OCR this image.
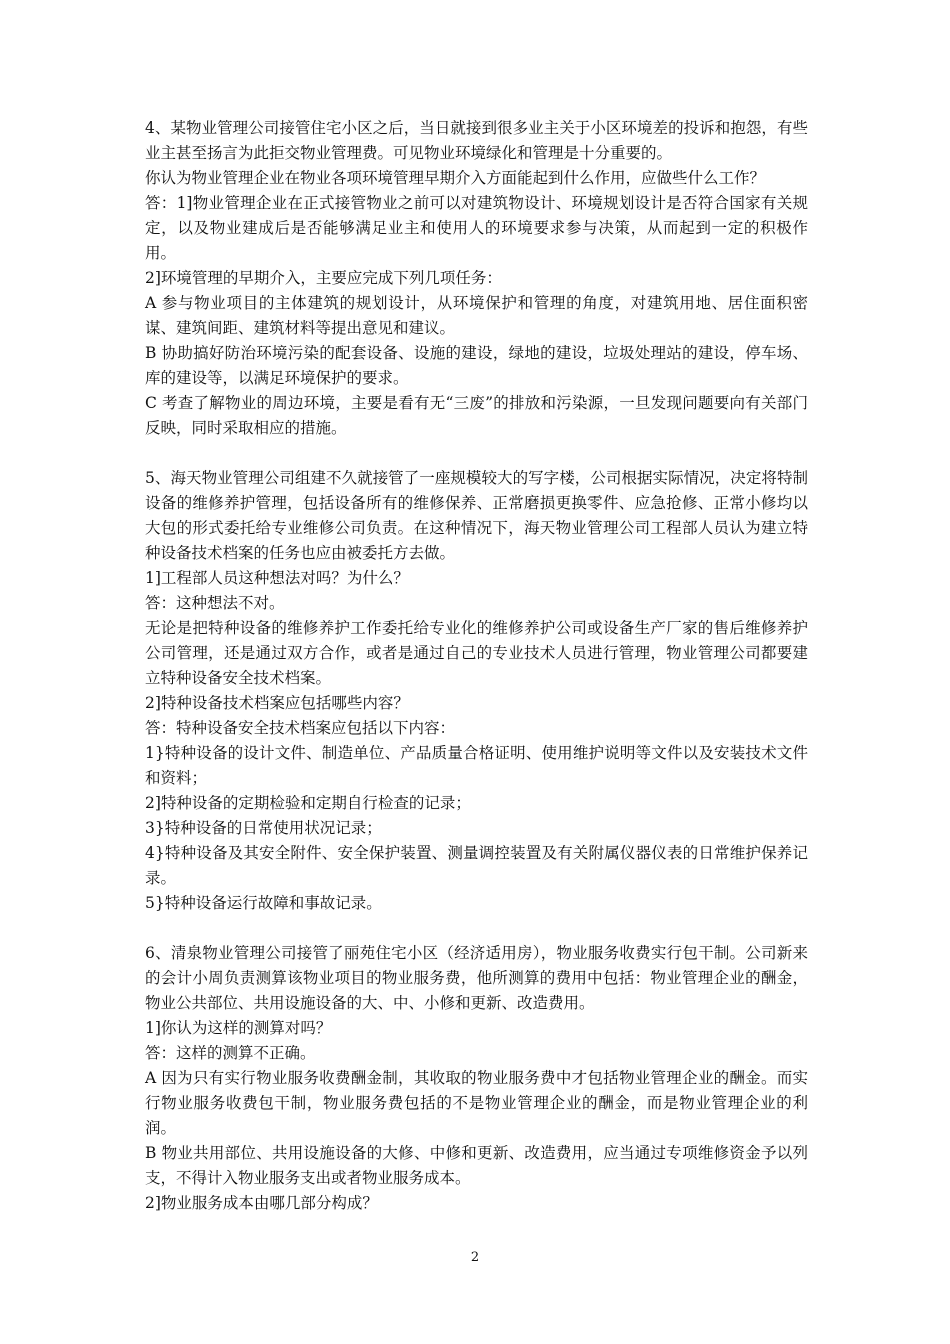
4、某物业管理公司接管住宅小区之后，当日就接到很多业主关于小区环境差的投诉和抱怨，有些业主甚至扬言为此拒交物业管理费。可见物业环境绿化和管理是十分重要的。

你认为物业管理企业在物业各项环境管理早期介入方面能起到什么作用，应做些什么工作？

答：1]物业管理企业在正式接管物业之前可以对建筑物设计、环境规划设计是否符合国家有关规定，以及物业建成后是否能够满足业主和使用人的环境要求参与决策，从而起到一定的积极作用。

2]环境管理的早期介入，主要应完成下列几项任务：

A 参与物业项目的主体建筑的规划设计，从环境保护和管理的角度，对建筑用地、居住面积密谋、建筑间距、建筑材料等提出意见和建议。

B 协助搞好防治环境污染的配套设备、设施的建设，绿地的建设，垃圾处理站的建设，停车场、库的建设等，以满足环境保护的要求。

C 考查了解物业的周边环境，主要是看有无“三废”的排放和污染源，一旦发现问题要向有关部门反映，同时采取相应的措施。

5、海天物业管理公司组建不久就接管了一座规模较大的写字楼，公司根据实际情况，决定将特制设备的维修养护管理，包括设备所有的维修保养、正常磨损更换零件、应急抢修、正常小修均以大包的形式委托给专业维修公司负责。在这种情况下，海天物业管理公司工程部人员认为建立特种设备技术档案的任务也应由被委托方去做。

1]工程部人员这种想法对吗？为什么？

答：这种想法不对。

无论是把特种设备的维修养护工作委托给专业化的维修养护公司或设备生产厂家的售后维修养护公司管理，还是通过双方合作，或者是通过自己的专业技术人员进行管理，物业管理公司都要建立特种设备安全技术档案。

2]特种设备技术档案应包括哪些内容？

答：特种设备安全技术档案应包括以下内容：

1}特种设备的设计文件、制造单位、产品质量合格证明、使用维护说明等文件以及安装技术文件和资料；

2]特种设备的定期检验和定期自行检查的记录；

3}特种设备的日常使用状况记录；

4}特种设备及其安全附件、安全保护装置、测量调控装置及有关附属仪器仪表的日常维护保养记录。

5}特种设备运行故障和事故记录。

6、清泉物业管理公司接管了丽苑住宅小区（经济适用房），物业服务收费实行包干制。公司新来的会计小周负责测算该物业项目的物业服务费，他所测算的费用中包括：物业管理企业的酬金，物业公共部位、共用设施设备的大、中、小修和更新、改造费用。

1]你认为这样的测算对吗？

答：这样的测算不正确。

A 因为只有实行物业服务收费酬金制，其收取的物业服务费中才包括物业管理企业的酬金。而实行物业服务收费包干制，物业服务费包括的不是物业管理企业的酬金，而是物业管理企业的利润。

B 物业共用部位、共用设施设备的大修、中修和更新、改造费用，应当通过专项维修资金予以列支，不得计入物业服务支出或者物业服务成本。

2]物业服务成本由哪几部分构成？

2
